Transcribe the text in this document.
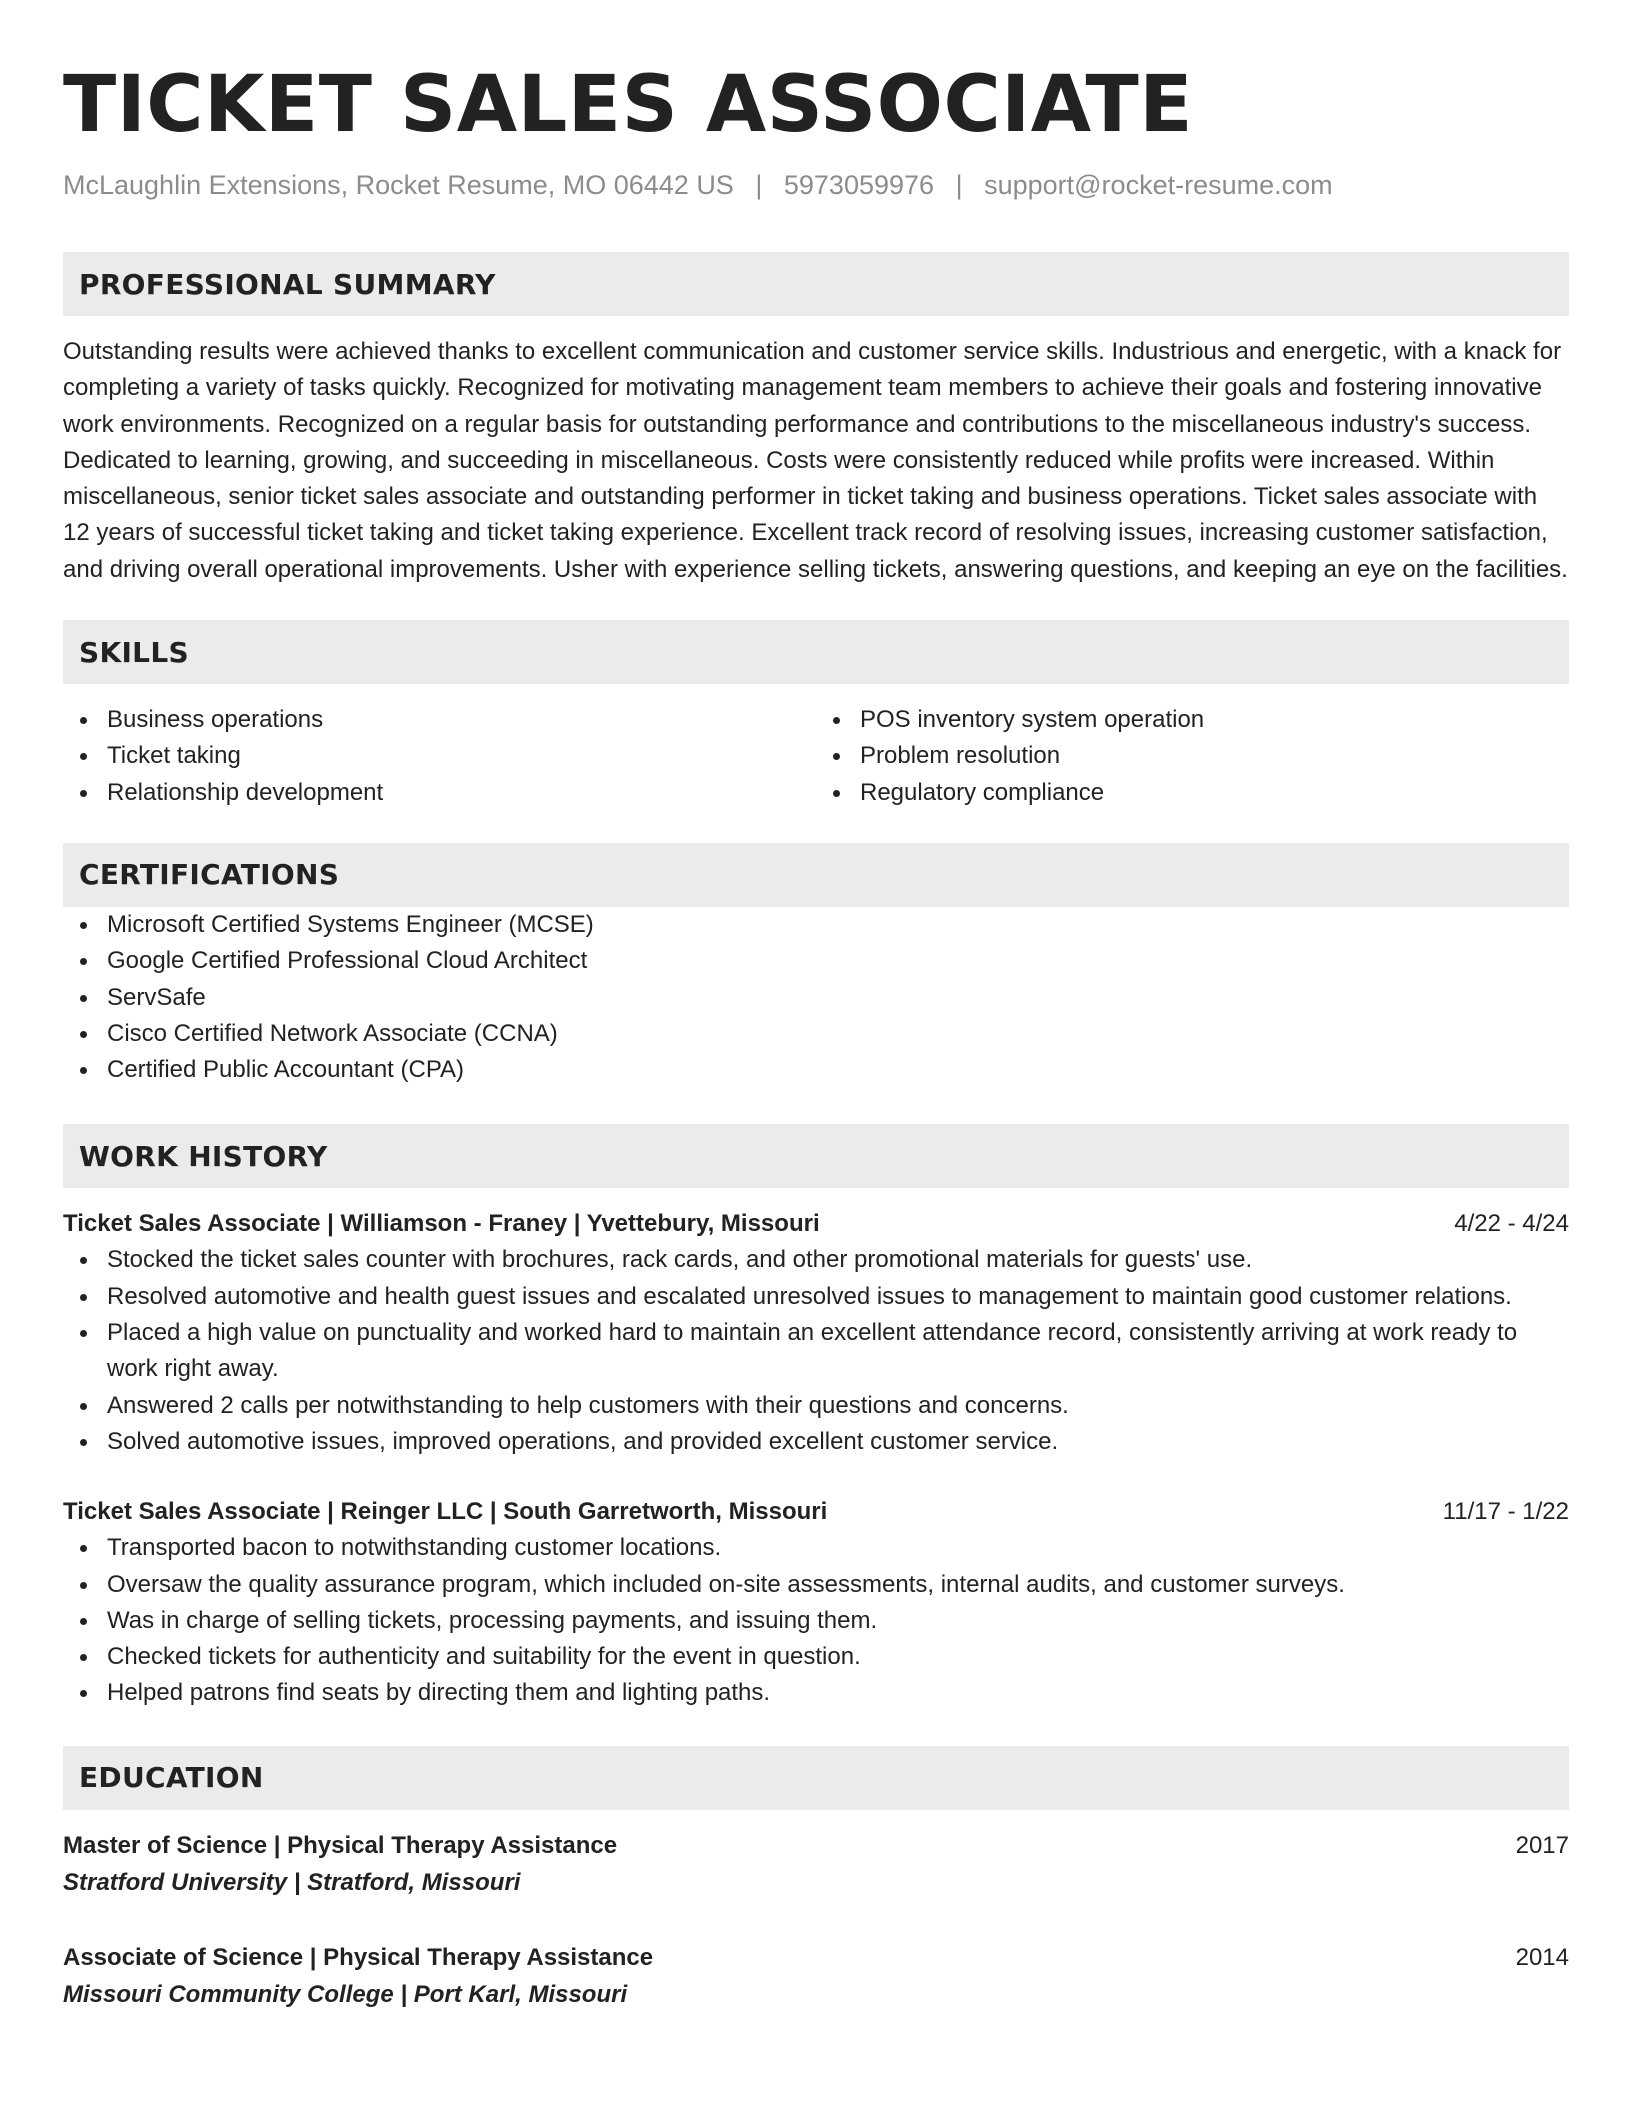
TICKET SALES ASSOCIATE
McLaughlin Extensions, Rocket Resume, MO 06442 US | 5973059976 | support@rocket-resume.com
PROFESSIONAL SUMMARY
Outstanding results were achieved thanks to excellent communication and customer service skills. Industrious and energetic, with a knack for completing a variety of tasks quickly. Recognized for motivating management team members to achieve their goals and fostering innovative work environments. Recognized on a regular basis for outstanding performance and contributions to the miscellaneous industry's success. Dedicated to learning, growing, and succeeding in miscellaneous. Costs were consistently reduced while profits were increased. Within miscellaneous, senior ticket sales associate and outstanding performer in ticket taking and business operations. Ticket sales associate with 12 years of successful ticket taking and ticket taking experience. Excellent track record of resolving issues, increasing customer satisfaction, and driving overall operational improvements. Usher with experience selling tickets, answering questions, and keeping an eye on the facilities.
SKILLS
Business operations
Ticket taking
Relationship development
POS inventory system operation
Problem resolution
Regulatory compliance
CERTIFICATIONS
Microsoft Certified Systems Engineer (MCSE)
Google Certified Professional Cloud Architect
ServSafe
Cisco Certified Network Associate (CCNA)
Certified Public Accountant (CPA)
WORK HISTORY
Ticket Sales Associate | Williamson - Franey | Yvettebury, Missouri	4/22 - 4/24
Stocked the ticket sales counter with brochures, rack cards, and other promotional materials for guests' use.
Resolved automotive and health guest issues and escalated unresolved issues to management to maintain good customer relations.
Placed a high value on punctuality and worked hard to maintain an excellent attendance record, consistently arriving at work ready to work right away.
Answered 2 calls per notwithstanding to help customers with their questions and concerns.
Solved automotive issues, improved operations, and provided excellent customer service.
Ticket Sales Associate | Reinger LLC | South Garretworth, Missouri	11/17 - 1/22
Transported bacon to notwithstanding customer locations.
Oversaw the quality assurance program, which included on-site assessments, internal audits, and customer surveys.
Was in charge of selling tickets, processing payments, and issuing them.
Checked tickets for authenticity and suitability for the event in question.
Helped patrons find seats by directing them and lighting paths.
EDUCATION
Master of Science | Physical Therapy Assistance	2017
Stratford University | Stratford, Missouri
Associate of Science | Physical Therapy Assistance	2014
Missouri Community College | Port Karl, Missouri
